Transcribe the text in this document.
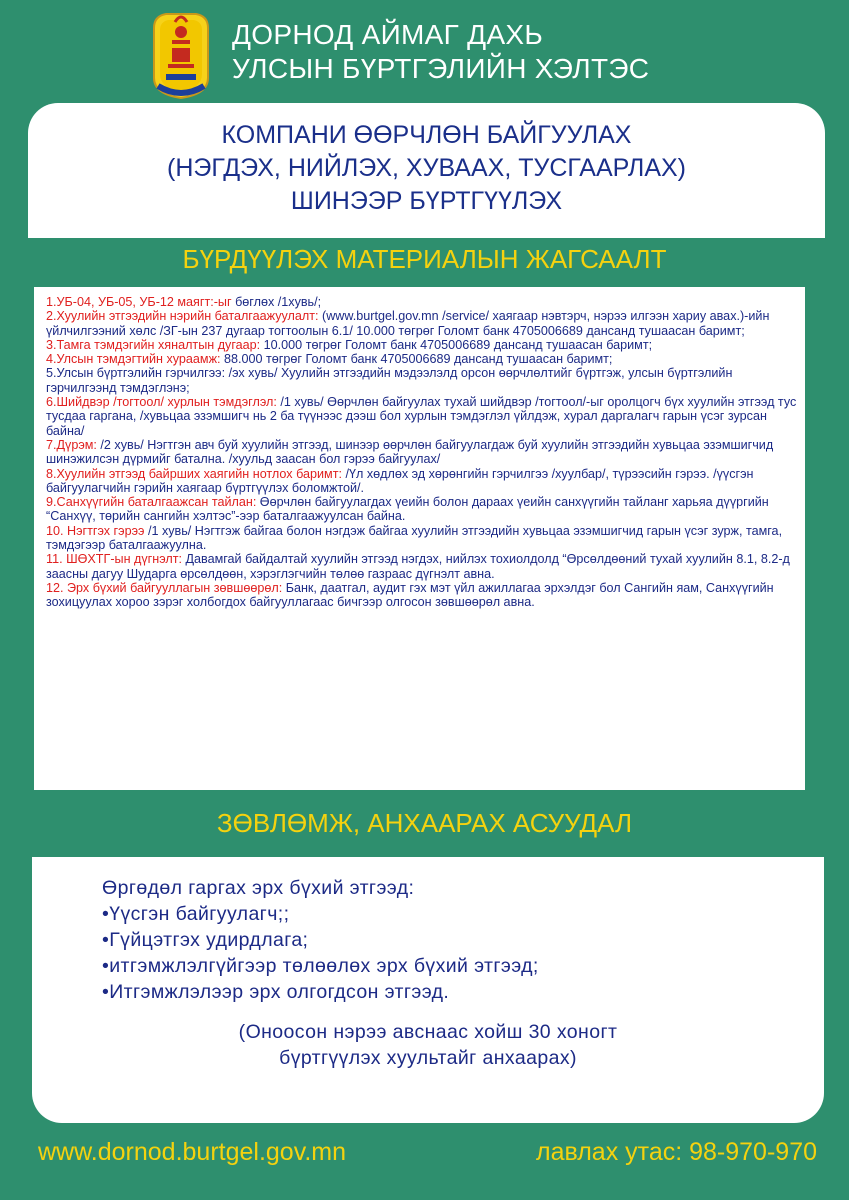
ДОРНОД АЙМАГ ДАХЬ
УЛСЫН БҮРТГЭЛИЙН ХЭЛТЭС
КОМПАНИ ӨӨРЧЛӨН БАЙГУУЛАХ
(НЭГДЭХ, НИЙЛЭХ, ХУВААХ, ТУСГААРЛАХ)
ШИНЭЭР БҮРТГҮҮЛЭХ
БҮРДҮҮЛЭХ МАТЕРИАЛЫН ЖАГСААЛТ
1.УБ-04, УБ-05, УБ-12 маягт:-ыг бөглөх /1хувь/;
2.Хуулийн этгээдийн нэрийн баталгаажуулалт: (www.burtgel.gov.mn /service/ хаягаар нэвтэрч, нэрээ илгээн хариу авах.)-ийн үйлчилгээний хөлс /ЗГ-ын 237 дугаар тогтоолын 6.1/ 10.000 төгрөг Голомт банк 4705006689 дансанд тушаасан баримт;
3.Тамга тэмдэгийн хяналтын дугаар: 10.000 төгрөг Голомт банк 4705006689 дансанд тушаасан баримт;
4.Улсын тэмдэгтийн хураамж: 88.000 төгрөг Голомт банк 4705006689 дансанд тушаасан баримт;
5.Улсын бүртгэлийн гэрчилгээ: /эх хувь/ Хуулийн этгээдийн мэдээлэлд орсон өөрчлөлтийг бүртгэж, улсын бүртгэлийн гэрчилгээнд тэмдэглэнэ;
6.Шийдвэр /тогтоол/ хурлын тэмдэглэл: /1 хувь/ Өөрчлөн байгуулах тухай шийдвэр /тогтоол/-ыг оролцогч бүх хуулийн этгээд тус тусдаа гаргана, /хувьцаа эзэмшигч нь 2 ба түүнээс дээш бол хурлын тэмдэглэл үйлдэж, хурал даргалагч гарын үсэг зурсан байна/
7.Дүрэм: /2 хувь/ Нэгтгэн авч буй хуулийн этгээд, шинээр өөрчлөн байгуулагдаж буй хуулийн этгээдийн хувьцаа эзэмшигчид шинэжилсэн дүрмийг батална. /хуульд заасан бол гэрээ байгуулах/
8.Хуулийн этгээд байрших хаягийн нотлох баримт: /Үл хөдлөх эд хөрөнгийн гэрчилгээ /хуулбар/, түрээсийн гэрээ. /үүсгэн байгуулагчийн гэрийн хаягаар бүртгүүлэх боломжтой/.
9.Санхүүгийн баталгаажсан тайлан: Өөрчлөн байгуулагдах үеийн болон дараах үеийн санхүүгийн тайланг харьяа дүүргийн “Санхүү, төрийн сангийн хэлтэс”-ээр баталгаажуулсан байна.
10. Нэгтгэх гэрээ /1 хувь/ Нэгтгэж байгаа болон нэгдэж байгаа хуулийн этгээдийн хувьцаа эзэмшигчид гарын үсэг зурж, тамга, тэмдэгээр баталгаажуулна.
11. ШӨХТГ-ын дүгнэлт: Давамгай байдалтай хуулийн этгээд нэгдэх, нийлэх тохиолдолд “Өрсөлдөөний тухай хуулийн 8.1, 8.2-д заасны дагуу Шударга өрсөлдөөн, хэрэглэгчийн төлөө газраас дүгнэлт авна.
12. Эрх бүхий байгууллагын зөвшөөрөл: Банк, даатгал, аудит гэх мэт үйл ажиллагаа эрхэлдэг бол Сангийн яам, Санхүүгийн зохицуулах хороо зэрэг холбогдох байгууллагаас бичгээр олгосон зөвшөөрөл авна.
ЗӨВЛӨМЖ, АНХААРАХ АСУУДАЛ
Өргөдөл гаргах эрх бүхий этгээд:
•Үүсгэн байгуулагч;;
•Гүйцэтгэх удирдлага;
•итгэмжлэлгүйгээр төлөөлөх эрх бүхий этгээд;
•Итгэмжлэлээр эрх олгогдсон этгээд.
(Оноосон нэрээ авснаас хойш 30 хоногт
бүртгүүлэх хуультайг анхаарах)
www.dornod.burtgel.gov.mn	лавлах утас: 98-970-970
